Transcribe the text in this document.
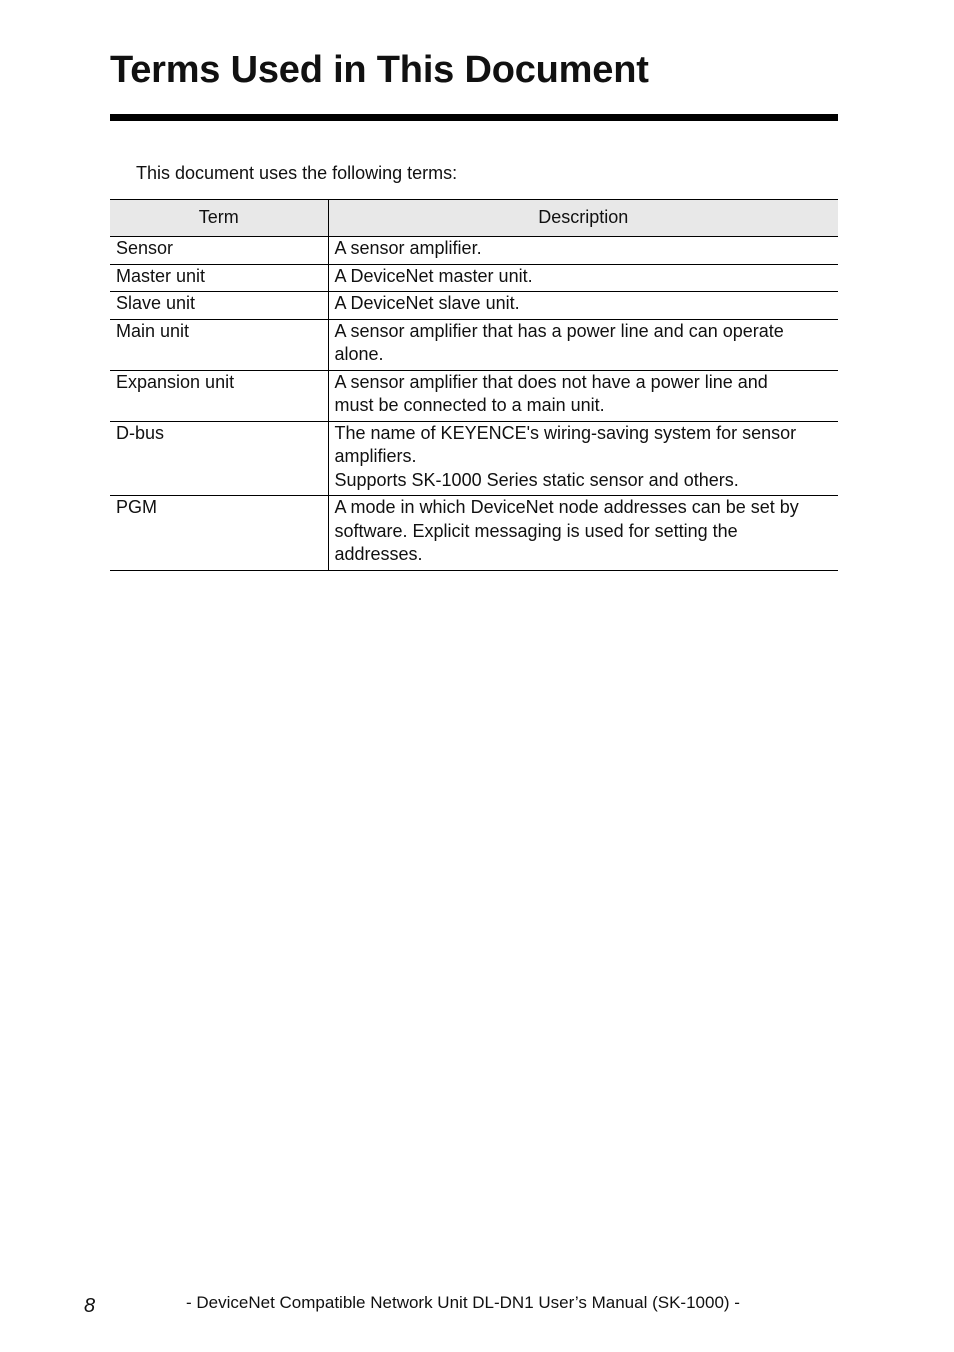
Terms Used in This Document

This document uses the following terms:

Term	Description
Sensor	A sensor amplifier.

Master unit	A DeviceNet master unit.

Slave unit	A DeviceNet slave unit.

Main unit	A sensor amplifier that has a power line and can operate
alone.

Expansion unit	A sensor amplifier that does not have a power line and
must be connected to a main unit.

D-bus	The name of KEYENCE's wiring-saving system for sensor
amplifiers.
Supports SK-1000 Series static sensor and others.

PGM	A mode in which DeviceNet node addresses can be set by
software. Explicit messaging is used for setting the
addresses.

8	- DeviceNet Compatible Network Unit DL-DN1 User’s Manual (SK-1000) -
